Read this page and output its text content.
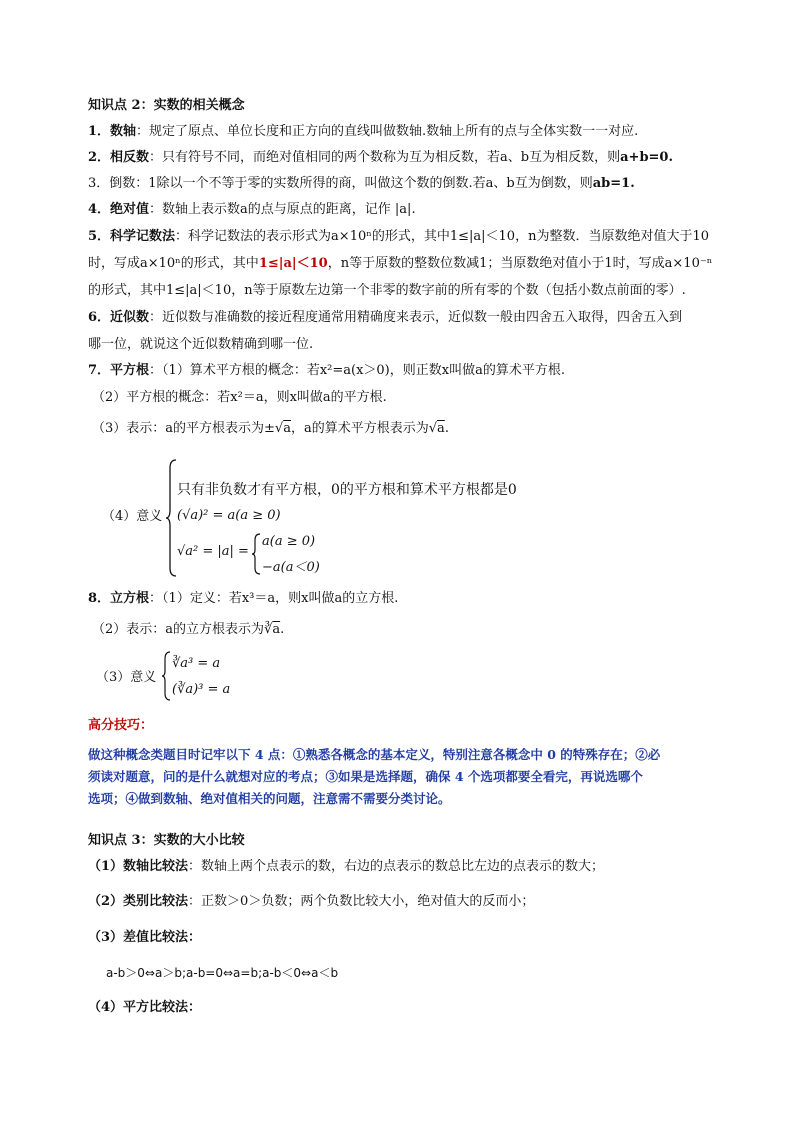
知识点 2：实数的相关概念
1．数轴：规定了原点、单位长度和正方向的直线叫做数轴.数轴上所有的点与全体实数一一对应.
2．相反数：只有符号不同，而绝对值相同的两个数称为互为相反数，若a、b互为相反数，则a+b=0.
3．倒数：1除以一个不等于零的实数所得的商，叫做这个数的倒数.若a、b互为倒数，则ab=1.
4．绝对值：数轴上表示数a的点与原点的距离，记作 |a|.
5．科学记数法：科学记数法的表示形式为a×10ⁿ的形式，其中1≤|a|＜10，n为整数．当原数绝对值大于10
时，写成a×10ⁿ的形式，其中1≤|a|＜10，n等于原数的整数位数减1；当原数绝对值小于1时，写成a×10⁻ⁿ
的形式，其中1≤|a|＜10，n等于原数左边第一个非零的数字前的所有零的个数（包括小数点前面的零）.
6．近似数：近似数与准确数的接近程度通常用精确度来表示，近似数一般由四舍五入取得，四舍五入到
哪一位，就说这个近似数精确到哪一位.
7．平方根：（1）算术平方根的概念：若x²=a(x＞0)，则正数x叫做a的算术平方根.
（2）平方根的概念：若x²＝a，则x叫做a的平方根.
（3）表示：a的平方根表示为±√a，a的算术平方根表示为√a.
（4）意义
只有非负数才有平方根，0的平方根和算术平方根都是0
(√a)² = a(a ≥ 0)
√a² = |a| =
a(a ≥ 0)
−a(a＜0)
8．立方根：（1）定义：若x³＝a，则x叫做a的立方根.
（2）表示：a的立方根表示为$∛\overline{a}$.
（3）意义
∛a³ = a
(∛a)³ = a
高分技巧：
做这种概念类题目时记牢以下 4 点：①熟悉各概念的基本定义，特别注意各概念中 0 的特殊存在；②必
须读对题意，问的是什么就想对应的考点；③如果是选择题，确保 4 个选项都要全看完，再说选哪个
选项；④做到数轴、绝对值相关的问题，注意需不需要分类讨论。
知识点 3：实数的大小比较
（1）数轴比较法：数轴上两个点表示的数，右边的点表示的数总比左边的点表示的数大；
（2）类别比较法：正数＞0＞负数；两个负数比较大小，绝对值大的反而小；
（3）差值比较法：
a-b＞0⇔a＞b;a-b=0⇔a=b;a-b＜0⇔a＜b
（4）平方比较法：
